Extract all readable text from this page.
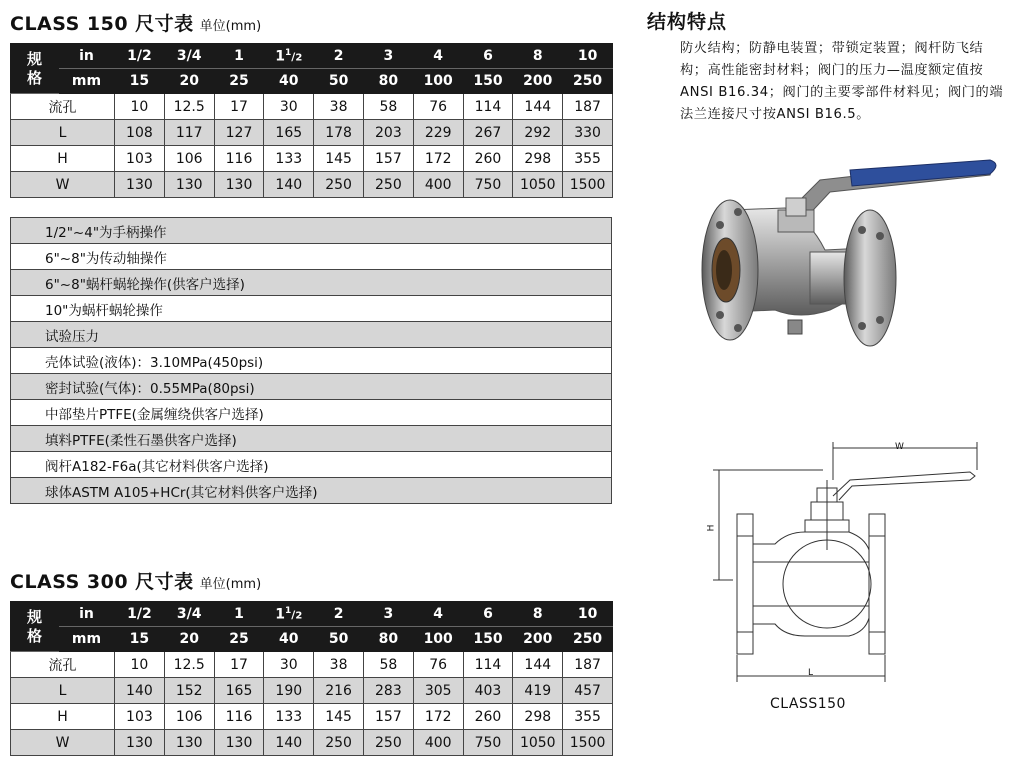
CLASS 150 尺寸表 单位(mm)
规
格	in	1/2	3/4	1	$1^1/2$	2	3	4	6	8	10
	mm	15	20	25	40	50	80	100	150	200	250
流孔		10	12.5	17	30	38	58	76	114	144	187
L		108	117	127	165	178	203	229	267	292	330
H		103	106	116	133	145	157	172	260	298	355
W		130	130	130	140	250	250	400	750	1050	1500
1/2"~4"为手柄操作
6"~8"为传动轴操作
6"~8"蜗杆蜗轮操作(供客户选择)
10"为蜗杆蜗轮操作
试验压力
壳体试验(液体)：3.10MPa(450psi)
密封试验(气体)：0.55MPa(80psi)
中部垫片PTFE(金属缠绕供客户选择)
填料PTFE(柔性石墨供客户选择)
阀杆A182-F6a(其它材料供客户选择)
球体ASTM A105+HCr(其它材料供客户选择)
CLASS 300 尺寸表 单位(mm)
规
格	in	1/2	3/4	1	$1^1/2$	2	3	4	6	8	10
	mm	15	20	25	40	50	80	100	150	200	250
流孔		10	12.5	17	30	38	58	76	114	144	187
L		140	152	165	190	216	283	305	403	419	457
H		103	106	116	133	145	157	172	260	298	355
W		130	130	130	140	250	250	400	750	1050	1500
结构特点
防火结构；防静电装置；带锁定装置；阀杆防飞结构；高性能密封材料；阀门的压力—温度额定值按ANSI B16.34；阀门的主要零部件材料见；阀门的端法兰连接尺寸按ANSI B16.5。
W
H
L
CLASS150
